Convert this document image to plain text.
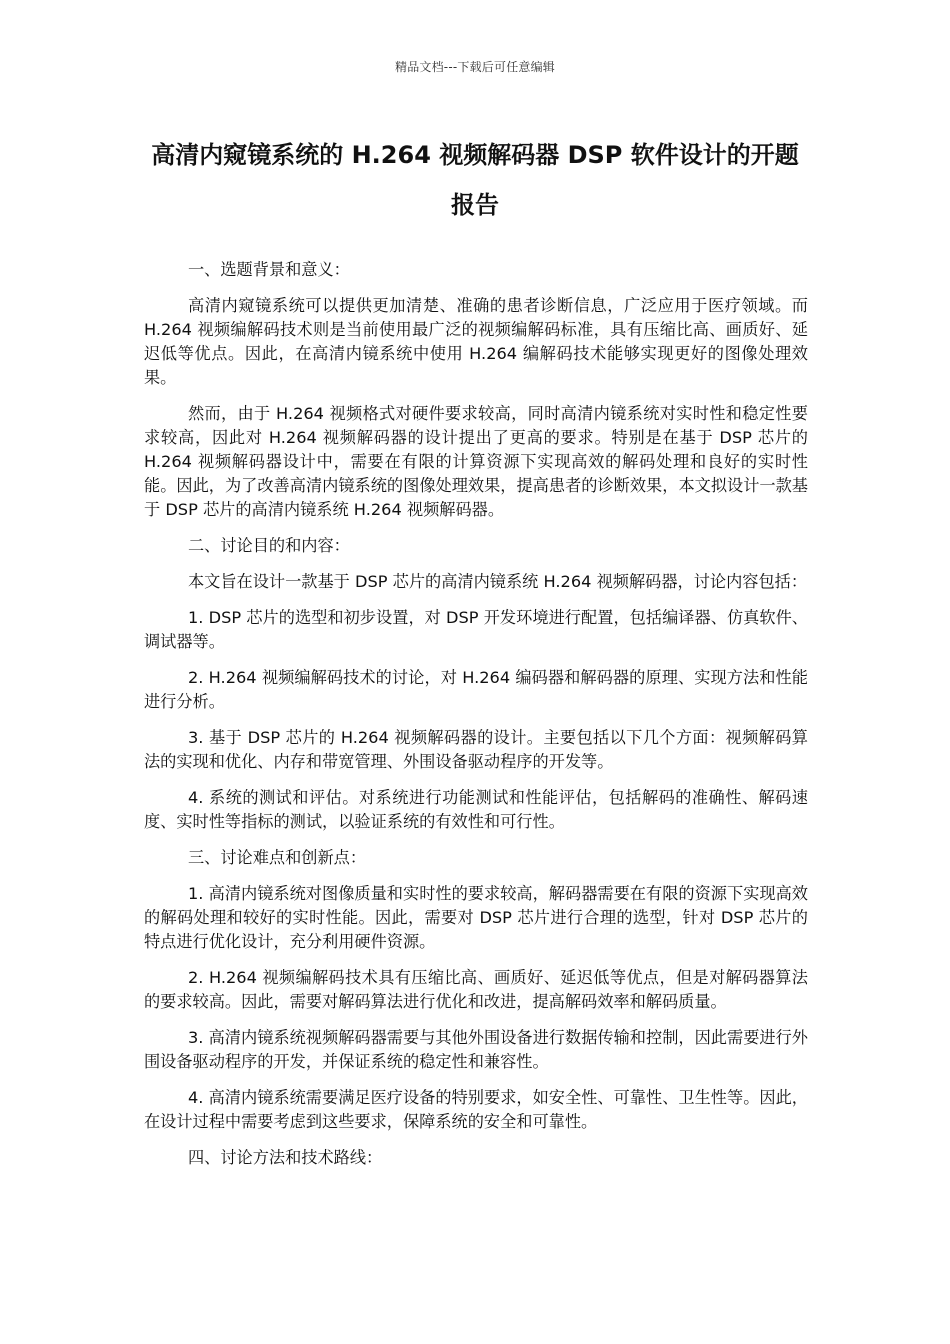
精品文档---下载后可任意编辑
高清内窥镜系统的 H.264 视频解码器 DSP 软件设计的开题报告

一、选题背景和意义：

高清内窥镜系统可以提供更加清楚、准确的患者诊断信息，广泛应用于医疗领域。而 H.264 视频编解码技术则是当前使用最广泛的视频编解码标准，具有压缩比高、画质好、延迟低等优点。因此，在高清内镜系统中使用 H.264 编解码技术能够实现更好的图像处理效果。

然而，由于 H.264 视频格式对硬件要求较高，同时高清内镜系统对实时性和稳定性要求较高，因此对 H.264 视频解码器的设计提出了更高的要求。特别是在基于 DSP 芯片的 H.264 视频解码器设计中，需要在有限的计算资源下实现高效的解码处理和良好的实时性能。因此，为了改善高清内镜系统的图像处理效果，提高患者的诊断效果，本文拟设计一款基于 DSP 芯片的高清内镜系统 H.264 视频解码器。

二、讨论目的和内容：

本文旨在设计一款基于 DSP 芯片的高清内镜系统 H.264 视频解码器，讨论内容包括：

1. DSP 芯片的选型和初步设置，对 DSP 开发环境进行配置，包括编译器、仿真软件、调试器等。

2. H.264 视频编解码技术的讨论，对 H.264 编码器和解码器的原理、实现方法和性能进行分析。

3. 基于 DSP 芯片的 H.264 视频解码器的设计。主要包括以下几个方面：视频解码算法的实现和优化、内存和带宽管理、外围设备驱动程序的开发等。

4. 系统的测试和评估。对系统进行功能测试和性能评估，包括解码的准确性、解码速度、实时性等指标的测试，以验证系统的有效性和可行性。

三、讨论难点和创新点：

1. 高清内镜系统对图像质量和实时性的要求较高，解码器需要在有限的资源下实现高效的解码处理和较好的实时性能。因此，需要对 DSP 芯片进行合理的选型，针对 DSP 芯片的特点进行优化设计，充分利用硬件资源。

2. H.264 视频编解码技术具有压缩比高、画质好、延迟低等优点，但是对解码器算法的要求较高。因此，需要对解码算法进行优化和改进，提高解码效率和解码质量。

3. 高清内镜系统视频解码器需要与其他外围设备进行数据传输和控制，因此需要进行外围设备驱动程序的开发，并保证系统的稳定性和兼容性。

4. 高清内镜系统需要满足医疗设备的特别要求，如安全性、可靠性、卫生性等。因此，在设计过程中需要考虑到这些要求，保障系统的安全和可靠性。

四、讨论方法和技术路线：
